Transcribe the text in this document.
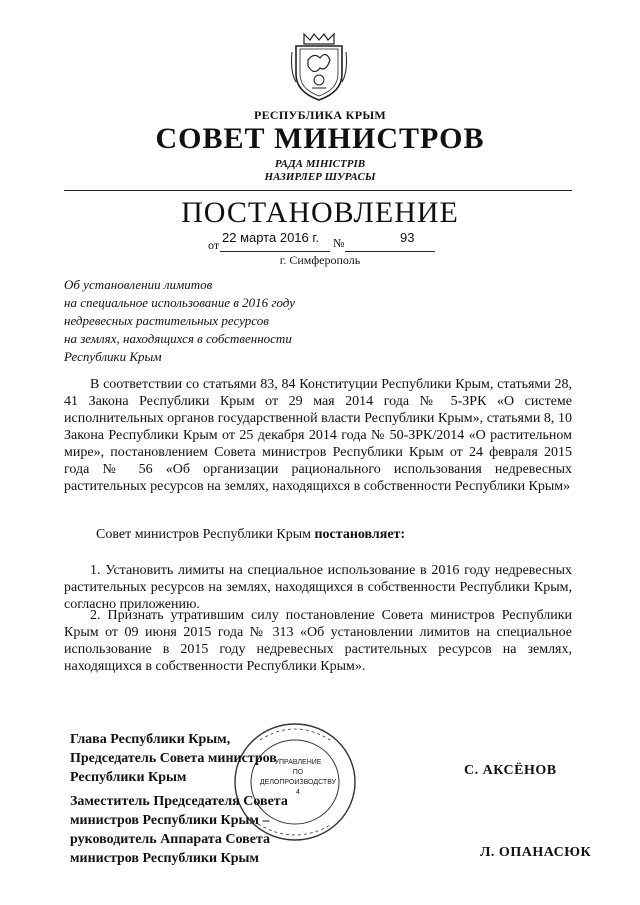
РЕСПУБЛИКА КРЫМ
СОВЕТ МИНИСТРОВ
РАДА МІНІСТРІВ
НАЗИРЛЕР ШУРАСЫ
ПОСТАНОВЛЕНИЕ
от 22 марта 2016 г. №	93
г. Симферополь
Об установлении лимитов
на специальное использование в 2016 году
недревесных растительных ресурсов
на землях, находящихся в собственности
Республики Крым
В соответствии со статьями 83, 84 Конституции Республики Крым, статьями 28, 41 Закона Республики Крым от 29 мая 2014 года № 5-ЗРК «О системе исполнительных органов государственной власти Республики Крым», статьями 8, 10 Закона Республики Крым от 25 декабря 2014 года № 50-ЗРК/2014 «О растительном мире», постановлением Совета министров Республики Крым от 24 февраля 2015 года № 56 «Об организации рационального использования недревесных растительных ресурсов на землях, находящихся в собственности Республики Крым»
Совет министров Республики Крым постановляет:
1. Установить лимиты на специальное использование в 2016 году недревесных растительных ресурсов на землях, находящихся в собственности Республики Крым, согласно приложению.
2. Признать утратившим силу постановление Совета министров Республики Крым от 09 июня 2015 года № 313 «Об установлении лимитов на специальное использование в 2015 году недревесных растительных ресурсов на землях, находящихся в собственности Республики Крым».
УПРАВЛЕНИЕ
ПО
ДЕЛОПРОИЗВОДСТВУ
4
Глава Республики Крым,
Председатель Совета министров
Республики Крым	С. АКСЁНОВ
Заместитель Председателя Совета
министров Республики Крым –
руководитель Аппарата Совета
министров Республики Крым	Л. ОПАНАСЮК
